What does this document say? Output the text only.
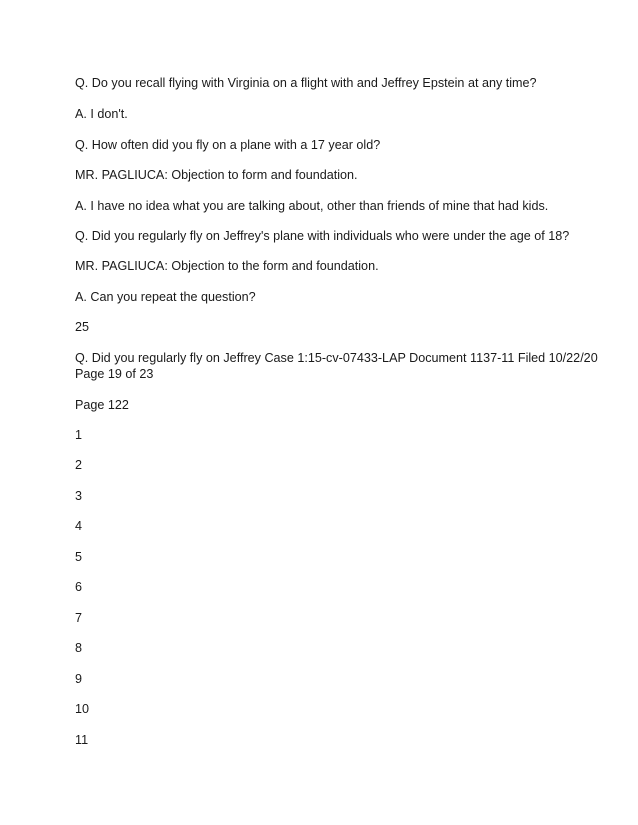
Q. Do you recall flying with Virginia on a flight with and Jeffrey Epstein at any time?
A. I don't.
Q. How often did you fly on a plane with a 17 year old?
MR. PAGLIUCA: Objection to form and foundation.
A. I have no idea what you are talking about, other than friends of mine that had kids.
Q. Did you regularly fly on Jeffrey's plane with individuals who were under the age of 18?
MR. PAGLIUCA: Objection to the form and foundation.
A. Can you repeat the question?
25
Q. Did you regularly fly on Jeffrey Case 1:15-cv-07433-LAP Document 1137-11 Filed 10/22/20
Page 19 of 23
Page 122
1
2
3
4
5
6
7
8
9
10
11
